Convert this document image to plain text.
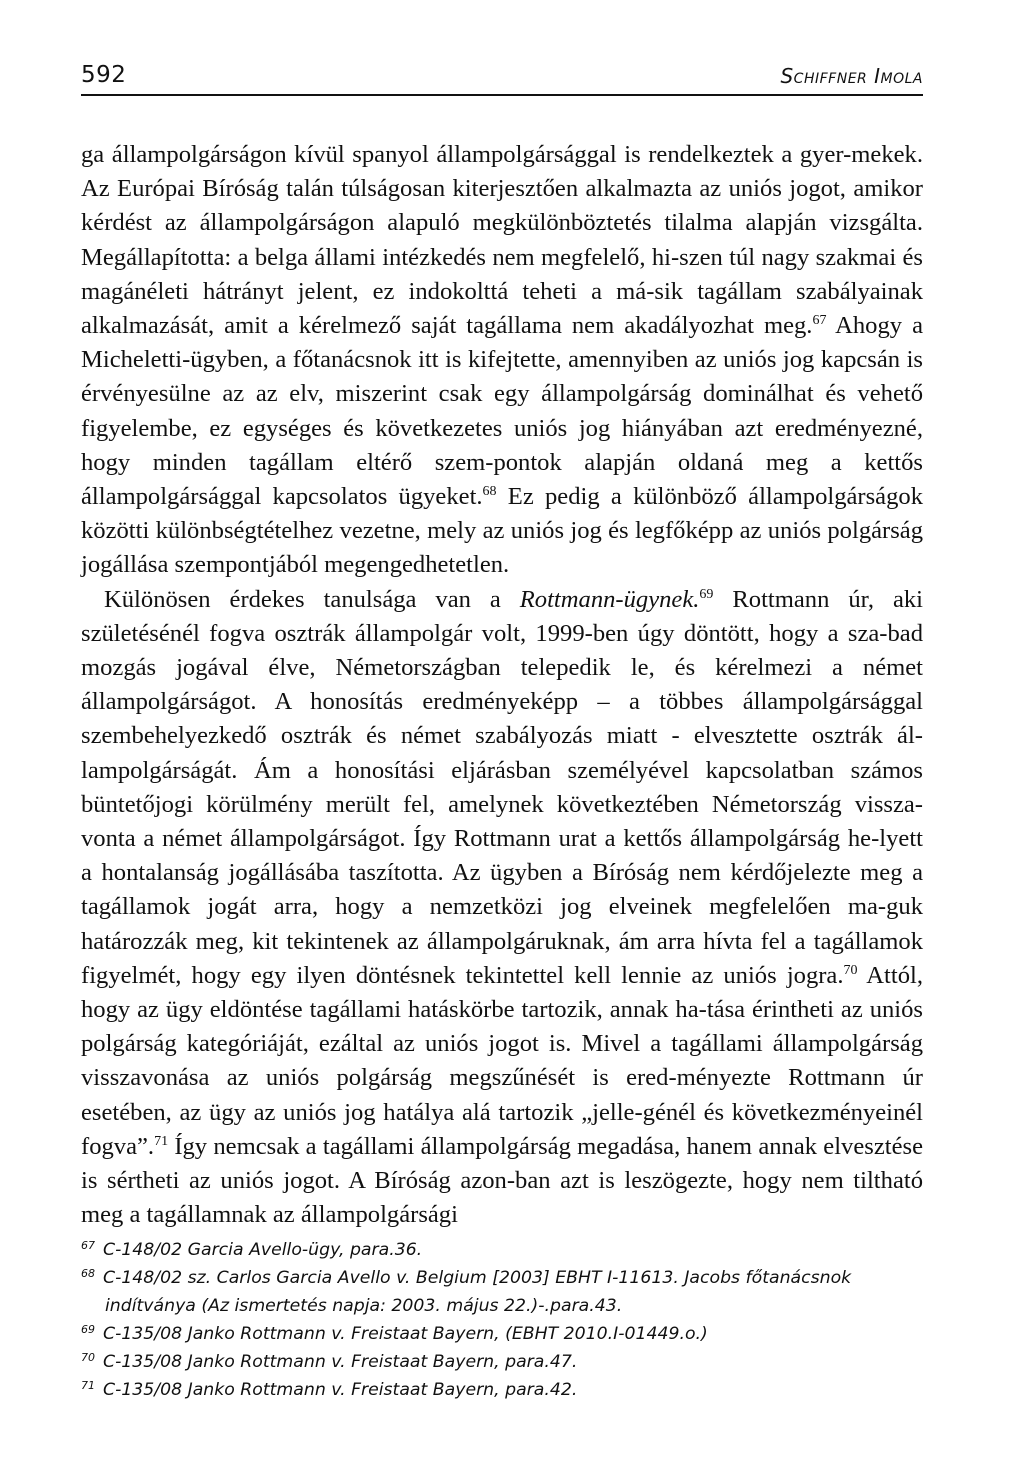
592	Schiffner Imola

ga állampolgárságon kívül spanyol állampolgársággal is rendelkeztek a gyer-mekek. Az Európai Bíróság talán túlságosan kiterjesztően alkalmazta az uniós jogot, amikor kérdést az állampolgárságon alapuló megkülönböztetés tilalma alapján vizsgálta. Megállapította: a belga állami intézkedés nem megfelelő, hi-szen túl nagy szakmai és magánéleti hátrányt jelent, ez indokolttá teheti a má-sik tagállam szabályainak alkalmazását, amit a kérelmező saját tagállama nem akadályozhat meg.$^{67}$ Ahogy a Micheletti-ügyben, a főtanácsnok itt is kifejtette, amennyiben az uniós jog kapcsán is érvényesülne az az elv, miszerint csak egy állampolgárság dominálhat és vehető figyelembe, ez egységes és következetes uniós jog hiányában azt eredményezné, hogy minden tagállam eltérő szem-pontok alapján oldaná meg a kettős állampolgársággal kapcsolatos ügyeket.$^{68}$ Ez pedig a különböző állampolgárságok közötti különbségtételhez vezetne, mely az uniós jog és legfőképp az uniós polgárság jogállása szempontjából megengedhetetlen.

Különösen érdekes tanulsága van a Rottmann-ügynek.$^{69}$ Rottmann úr, aki születésénél fogva osztrák állampolgár volt, 1999-ben úgy döntött, hogy a sza-bad mozgás jogával élve, Németországban telepedik le, és kérelmezi a német állampolgárságot. A honosítás eredményeképp – a többes állampolgársággal szembehelyezkedő osztrák és német szabályozás miatt - elvesztette osztrák ál-lampolgárságát. Ám a honosítási eljárásban személyével kapcsolatban számos büntetőjogi körülmény merült fel, amelynek következtében Németország vissza-vonta a német állampolgárságot. Így Rottmann urat a kettős állampolgárság he-lyett a hontalanság jogállásába taszította. Az ügyben a Bíróság nem kérdőjelezte meg a tagállamok jogát arra, hogy a nemzetközi jog elveinek megfelelően ma-guk határozzák meg, kit tekintenek az állampolgáruknak, ám arra hívta fel a tagállamok figyelmét, hogy egy ilyen döntésnek tekintettel kell lennie az uniós jogra.$^{70}$ Attól, hogy az ügy eldöntése tagállami hatáskörbe tartozik, annak ha-tása érintheti az uniós polgárság kategóriáját, ezáltal az uniós jogot is. Mivel a tagállami állampolgárság visszavonása az uniós polgárság megszűnését is ered-ményezte Rottmann úr esetében, az ügy az uniós jog hatálya alá tartozik „jelle-génél és következményeinél fogva”.$^{71}$ Így nemcsak a tagállami állampolgárság megadása, hanem annak elvesztése is sértheti az uniós jogot. A Bíróság azon-ban azt is leszögezte, hogy nem tiltható meg a tagállamnak az állampolgársági

67 C-148/02 Garcia Avello-ügy, para.36.
68 C-148/02 sz. Carlos Garcia Avello v. Belgium [2003] EBHT I-11613. Jacobs főtanácsnok indítványa (Az ismertetés napja: 2003. május 22.)-.para.43.
69 C-135/08 Janko Rottmann v. Freistaat Bayern, (EBHT 2010.I-01449.o.)
70 C-135/08 Janko Rottmann v. Freistaat Bayern, para.47.
71 C-135/08 Janko Rottmann v. Freistaat Bayern, para.42.
